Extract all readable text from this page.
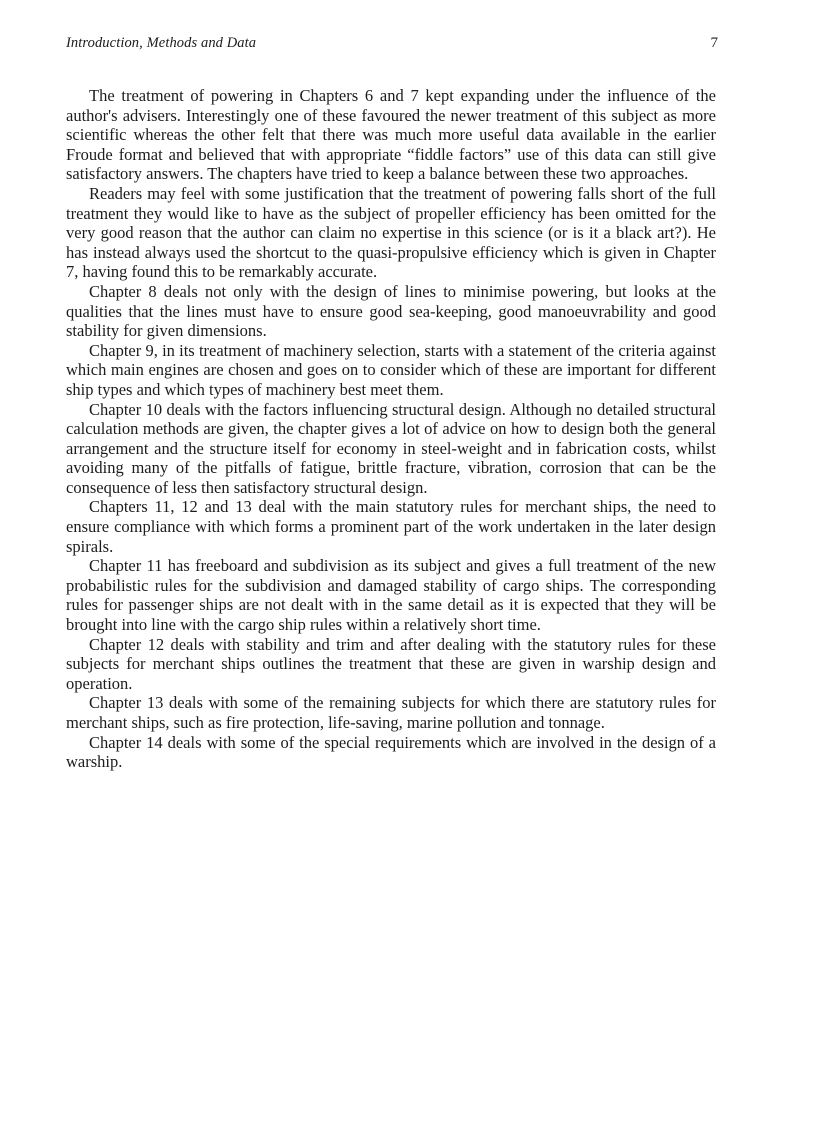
Introduction, Methods and Data	7

The treatment of powering in Chapters 6 and 7 kept expanding under the influence of the author's advisers. Interestingly one of these favoured the newer treatment of this subject as more scientific whereas the other felt that there was much more useful data available in the earlier Froude format and believed that with appropriate “fiddle factors” use of this data can still give satisfactory answers. The chapters have tried to keep a balance between these two approaches.

Readers may feel with some justification that the treatment of powering falls short of the full treatment they would like to have as the subject of propeller efficiency has been omitted for the very good reason that the author can claim no expertise in this science (or is it a black art?). He has instead always used the shortcut to the quasi-propulsive efficiency which is given in Chapter 7, having found this to be remarkably accurate.

Chapter 8 deals not only with the design of lines to minimise powering, but looks at the qualities that the lines must have to ensure good sea-keeping, good manoeuvrability and good stability for given dimensions.

Chapter 9, in its treatment of machinery selection, starts with a statement of the criteria against which main engines are chosen and goes on to consider which of these are important for different ship types and which types of machinery best meet them.

Chapter 10 deals with the factors influencing structural design. Although no detailed structural calculation methods are given, the chapter gives a lot of advice on how to design both the general arrangement and the structure itself for economy in steel-weight and in fabrication costs, whilst avoiding many of the pitfalls of fatigue, brittle fracture, vibration, corrosion that can be the consequence of less then satisfactory structural design.

Chapters 11, 12 and 13 deal with the main statutory rules for merchant ships, the need to ensure compliance with which forms a prominent part of the work undertaken in the later design spirals.

Chapter 11 has freeboard and subdivision as its subject and gives a full treatment of the new probabilistic rules for the subdivision and damaged stability of cargo ships. The corresponding rules for passenger ships are not dealt with in the same detail as it is expected that they will be brought into line with the cargo ship rules within a relatively short time.

Chapter 12 deals with stability and trim and after dealing with the statutory rules for these subjects for merchant ships outlines the treatment that these are given in warship design and operation.

Chapter 13 deals with some of the remaining subjects for which there are statutory rules for merchant ships, such as fire protection, life-saving, marine pollution and tonnage.

Chapter 14 deals with some of the special requirements which are involved in the design of a warship.
